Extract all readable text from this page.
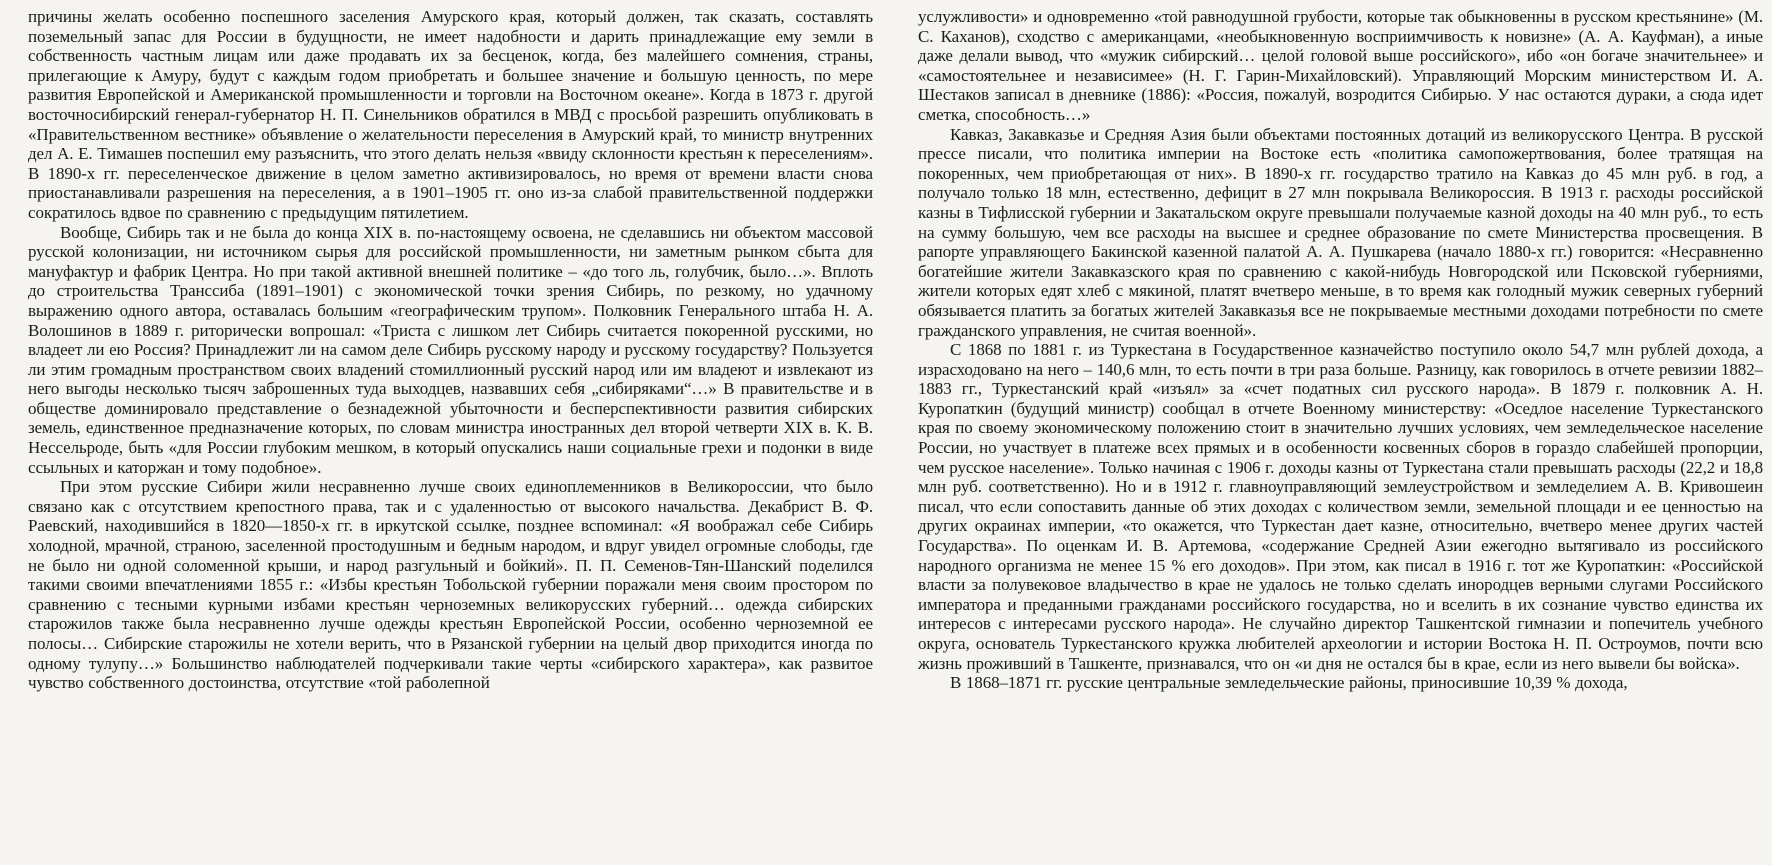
причины желать особенно поспешного заселения Амурского края, который должен, так сказать, составлять поземельный запас для России в будущности, не имеет надобности и дарить принадлежащие ему земли в собственность частным лицам или даже продавать их за бесценок, когда, без малейшего сомнения, страны, прилегающие к Амуру, будут с каждым годом приобретать и большее значение и большую ценность, по мере развития Европейской и Американской промышленности и торговли на Восточном океане». Когда в 1873 г. другой восточносибирский генерал-губернатор Н. П. Синельников обратился в МВД с просьбой разрешить опубликовать в «Правительственном вестнике» объявление о желательности переселения в Амурский край, то министр внутренних дел А. Е. Тимашев поспешил ему разъяснить, что этого делать нельзя «ввиду склонности крестьян к переселениям». В 1890-х гг. переселенческое движение в целом заметно активизировалось, но время от времени власти снова приостанавливали разрешения на переселения, а в 1901–1905 гг. оно из-за слабой правительственной поддержки сократилось вдвое по сравнению с предыдущим пятилетием.

Вообще, Сибирь так и не была до конца XIX в. по-настоящему освоена, не сделавшись ни объектом массовой русской колонизации, ни источником сырья для российской промышленности, ни заметным рынком сбыта для мануфактур и фабрик Центра. Но при такой активной внешней политике – «до того ль, голубчик, было…». Вплоть до строительства Транссиба (1891–1901) с экономической точки зрения Сибирь, по резкому, но удачному выражению одного автора, оставалась большим «географическим трупом». Полковник Генерального штаба Н. А. Волошинов в 1889 г. риторически вопрошал: «Триста с лишком лет Сибирь считается покоренной русскими, но владеет ли ею Россия? Принадлежит ли на самом деле Сибирь русскому народу и русскому государству? Пользуется ли этим громадным пространством своих владений стомиллионный русский народ или им владеют и извлекают из него выгоды несколько тысяч заброшенных туда выходцев, назвавших себя „сибиряками“…» В правительстве и в обществе доминировало представление о безнадежной убыточности и бесперспективности развития сибирских земель, единственное предназначение которых, по словам министра иностранных дел второй четверти XIX в. К. В. Нессельроде, быть «для России глубоким мешком, в который опускались наши социальные грехи и подонки в виде ссыльных и каторжан и тому подобное».

При этом русские Сибири жили несравненно лучше своих единоплеменников в Великороссии, что было связано как с отсутствием крепостного права, так и с удаленностью от высокого начальства. Декабрист В. Ф. Раевский, находившийся в 1820—1850-х гг. в иркутской ссылке, позднее вспоминал: «Я воображал себе Сибирь холодной, мрачной, страною, заселенной простодушным и бедным народом, и вдруг увидел огромные слободы, где не было ни одной соломенной крыши, и народ разгульный и бойкий». П. П. Семенов-Тян-Шанский поделился такими своими впечатлениями 1855 г.: «Избы крестьян Тобольской губернии поражали меня своим простором по сравнению с тесными курными избами крестьян черноземных великорусских губерний… одежда сибирских старожилов также была несравненно лучше одежды крестьян Европейской России, особенно черноземной ее полосы… Сибирские старожилы не хотели верить, что в Рязанской губернии на целый двор приходится иногда по одному тулупу…» Большинство наблюдателей подчеркивали такие черты «сибирского характера», как развитое чувство собственного достоинства, отсутствие «той раболепной

услужливости» и одновременно «той равнодушной грубости, которые так обыкновенны в русском крестьянине» (М. С. Каханов), сходство с американцами, «необыкновенную восприимчивость к новизне» (А. А. Кауфман), а иные даже делали вывод, что «мужик сибирский… целой головой выше российского», ибо «он богаче значительнее» и «самостоятельнее и независимее» (Н. Г. Гарин-Михайловский). Управляющий Морским министерством И. А. Шестаков записал в дневнике (1886): «Россия, пожалуй, возродится Сибирью. У нас остаются дураки, а сюда идет сметка, способность…»

Кавказ, Закавказье и Средняя Азия были объектами постоянных дотаций из великорусского Центра. В русской прессе писали, что политика империи на Востоке есть «политика самопожертвования, более тратящая на покоренных, чем приобретающая от них». В 1890-х гг. государство тратило на Кавказ до 45 млн руб. в год, а получало только 18 млн, естественно, дефицит в 27 млн покрывала Великороссия. В 1913 г. расходы российской казны в Тифлисской губернии и Закатальском округе превышали получаемые казной доходы на 40 млн руб., то есть на сумму большую, чем все расходы на высшее и среднее образование по смете Министерства просвещения. В рапорте управляющего Бакинской казенной палатой А. А. Пушкарева (начало 1880-х гг.) говорится: «Несравненно богатейшие жители Закавказского края по сравнению с какой-нибудь Новгородской или Псковской губерниями, жители которых едят хлеб с мякиной, платят вчетверо меньше, в то время как голодный мужик северных губерний обязывается платить за богатых жителей Закавказья все не покрываемые местными доходами потребности по смете гражданского управления, не считая военной».

С 1868 по 1881 г. из Туркестана в Государственное казначейство поступило около 54,7 млн рублей дохода, а израсходовано на него – 140,6 млн, то есть почти в три раза больше. Разницу, как говорилось в отчете ревизии 1882–1883 гг., Туркестанский край «изъял» за «счет податных сил русского народа». В 1879 г. полковник А. Н. Куропаткин (будущий министр) сообщал в отчете Военному министерству: «Оседлое население Туркестанского края по своему экономическому положению стоит в значительно лучших условиях, чем земледельческое население России, но участвует в платеже всех прямых и в особенности косвенных сборов в гораздо слабейшей пропорции, чем русское население». Только начиная с 1906 г. доходы казны от Туркестана стали превышать расходы (22,2 и 18,8 млн руб. соответственно). Но и в 1912 г. главноуправляющий землеустройством и земледелием А. В. Кривошеин писал, что если сопоставить данные об этих доходах с количеством земли, земельной площади и ее ценностью на других окраинах империи, «то окажется, что Туркестан дает казне, относительно, вчетверо менее других частей Государства». По оценкам И. В. Артемова, «содержание Средней Азии ежегодно вытягивало из российского народного организма не менее 15 % его доходов». При этом, как писал в 1916 г. тот же Куропаткин: «Российской власти за полувековое владычество в крае не удалось не только сделать инородцев верными слугами Российского императора и преданными гражданами российского государства, но и вселить в их сознание чувство единства их интересов с интересами русского народа». Не случайно директор Ташкентской гимназии и попечитель учебного округа, основатель Туркестанского кружка любителей археологии и истории Востока Н. П. Остроумов, почти всю жизнь проживший в Ташкенте, признавался, что он «и дня не остался бы в крае, если из него вывели бы войска».

В 1868–1871 гг. русские центральные земледельческие районы, приносившие 10,39 % дохода,
